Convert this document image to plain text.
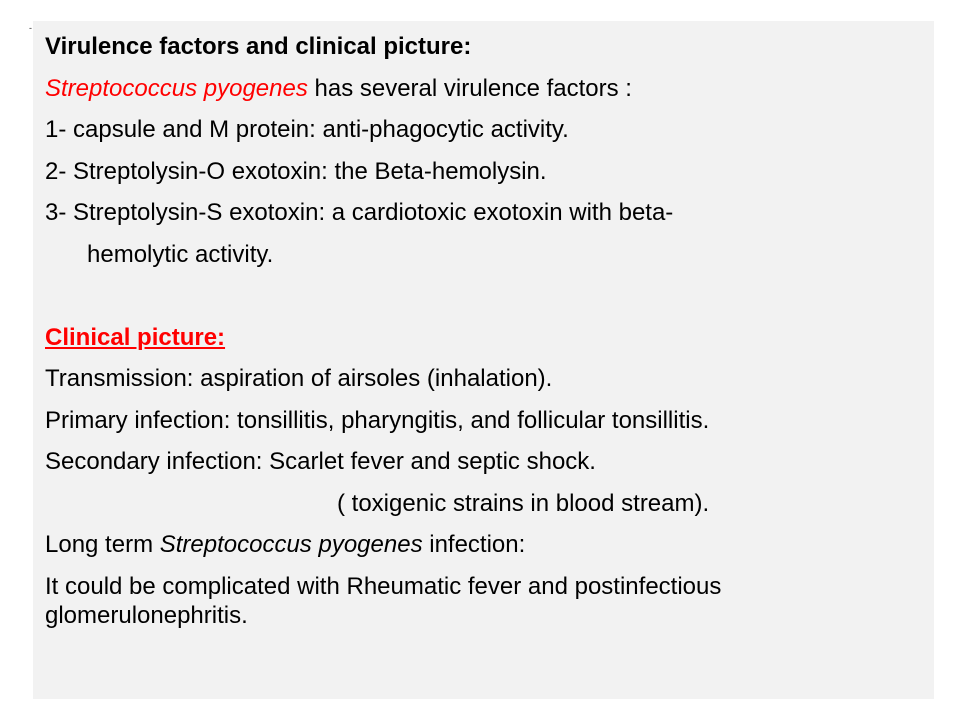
-
Virulence factors and clinical picture:
Streptococcus pyogenes has several virulence factors :
1- capsule and M protein: anti-phagocytic activity.
2- Streptolysin-O exotoxin: the Beta-hemolysin.
3- Streptolysin-S exotoxin: a cardiotoxic exotoxin with beta-
hemolytic activity.
Clinical picture:
Transmission: aspiration of airsoles (inhalation).
Primary infection: tonsillitis, pharyngitis, and follicular tonsillitis.
Secondary infection: Scarlet fever and septic shock.
( toxigenic strains in blood stream).
Long term Streptococcus pyogenes infection:
It could be complicated with Rheumatic fever and postinfectious glomerulonephritis.
